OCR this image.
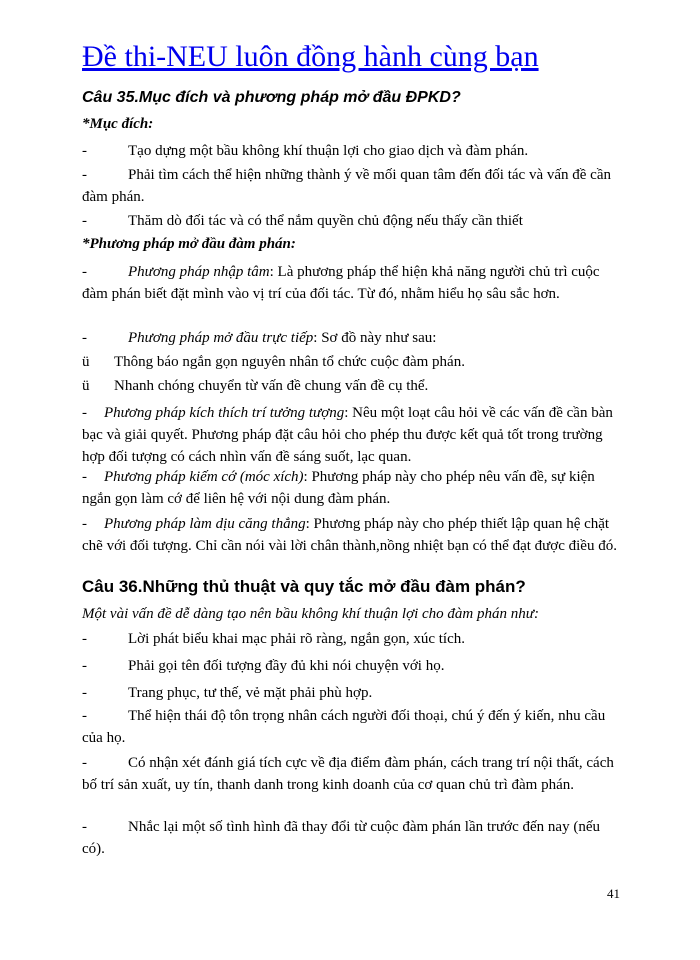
Đề thi-NEU luôn đồng hành cùng bạn

Câu 35.Mục đích và phương pháp mở đầu ĐPKD?

*Mục đích:

-	Tạo dựng một bầu không khí thuận lợi cho giao dịch và đàm phán.

-	Phải tìm cách thể hiện những thành ý về mối quan tâm đến đối tác và vấn đề cần đàm phán.

-	Thăm dò đối tác và có thể nắm quyền chủ động nếu thấy cần thiết

*Phương pháp mở đầu đàm phán:

-	Phương pháp nhập tâm: Là phương pháp thể hiện khả năng người chủ trì cuộc đàm phán biết đặt mình vào vị trí của đối tác. Từ đó, nhằm hiểu họ sâu sắc hơn.

-	Phương pháp mở đầu trực tiếp: Sơ đồ này như sau:

ü Thông báo ngắn gọn nguyên nhân tổ chức cuộc đàm phán.

ü Nhanh chóng chuyển từ vấn đề chung vấn đề cụ thể.

- Phương pháp kích thích trí tưởng tượng: Nêu một loạt câu hỏi về các vấn đề cần bàn bạc và giải quyết. Phương pháp đặt câu hỏi cho phép thu được kết quả tốt trong trường hợp đối tượng có cách nhìn vấn đề sáng suốt, lạc quan.

- Phương pháp kiếm cớ (móc xích): Phương pháp này cho phép nêu vấn đề, sự kiện ngắn gọn làm cớ để liên hệ với nội dung đàm phán.

- Phương pháp làm dịu căng thẳng: Phương pháp này cho phép thiết lập quan hệ chặt chẽ với đối tượng. Chỉ cần nói vài lời chân thành,nồng nhiệt bạn có thể đạt được điều đó.

Câu 36.Những thủ thuật và quy tắc mở đầu đàm phán?

Một vài vấn đề dễ dàng tạo nên bầu không khí thuận lợi cho đàm phán như:

-	Lời phát biểu khai mạc phải rõ ràng, ngắn gọn, xúc tích.

-	Phải gọi tên đối tượng đầy đủ khi nói chuyện với họ.

-	Trang phục, tư thế, vẻ mặt phải phù hợp.

-	Thể hiện thái độ tôn trọng nhân cách người đối thoại, chú ý đến ý kiến, nhu cầu của họ.

-	Có nhận xét đánh giá tích cực về địa điểm đàm phán, cách trang trí nội thất, cách bố trí sản xuất, uy tín, thanh danh trong kinh doanh của cơ quan chủ trì đàm phán.

-	Nhắc lại một số tình hình đã thay đổi từ cuộc đàm phán lần trước đến nay (nếu có).

41
